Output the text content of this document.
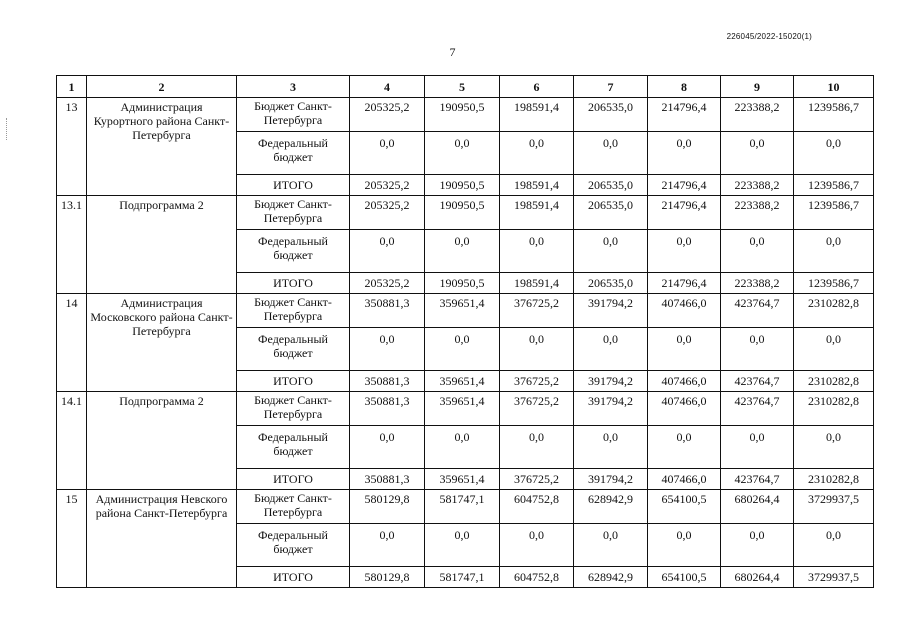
226045/2022-15020(1)
7
1	2	3	4	5	6	7	8	9	10
13	Администрация Курортного района Санкт-Петербурга	Бюджет Санкт-Петербурга	205325,2	190950,5	198591,4	206535,0	214796,4	223388,2	1239586,7
		Федеральный бюджет	0,0	0,0	0,0	0,0	0,0	0,0	0,0
		ИТОГО	205325,2	190950,5	198591,4	206535,0	214796,4	223388,2	1239586,7
13.1	Подпрограмма 2	Бюджет Санкт-Петербурга	205325,2	190950,5	198591,4	206535,0	214796,4	223388,2	1239586,7
		Федеральный бюджет	0,0	0,0	0,0	0,0	0,0	0,0	0,0
		ИТОГО	205325,2	190950,5	198591,4	206535,0	214796,4	223388,2	1239586,7
14	Администрация Московского района Санкт-Петербурга	Бюджет Санкт-Петербурга	350881,3	359651,4	376725,2	391794,2	407466,0	423764,7	2310282,8
		Федеральный бюджет	0,0	0,0	0,0	0,0	0,0	0,0	0,0
		ИТОГО	350881,3	359651,4	376725,2	391794,2	407466,0	423764,7	2310282,8
14.1	Подпрограмма 2	Бюджет Санкт-Петербурга	350881,3	359651,4	376725,2	391794,2	407466,0	423764,7	2310282,8
		Федеральный бюджет	0,0	0,0	0,0	0,0	0,0	0,0	0,0
		ИТОГО	350881,3	359651,4	376725,2	391794,2	407466,0	423764,7	2310282,8
15	Администрация Невского района Санкт-Петербурга	Бюджет Санкт-Петербурга	580129,8	581747,1	604752,8	628942,9	654100,5	680264,4	3729937,5
		Федеральный бюджет	0,0	0,0	0,0	0,0	0,0	0,0	0,0
		ИТОГО	580129,8	581747,1	604752,8	628942,9	654100,5	680264,4	3729937,5
